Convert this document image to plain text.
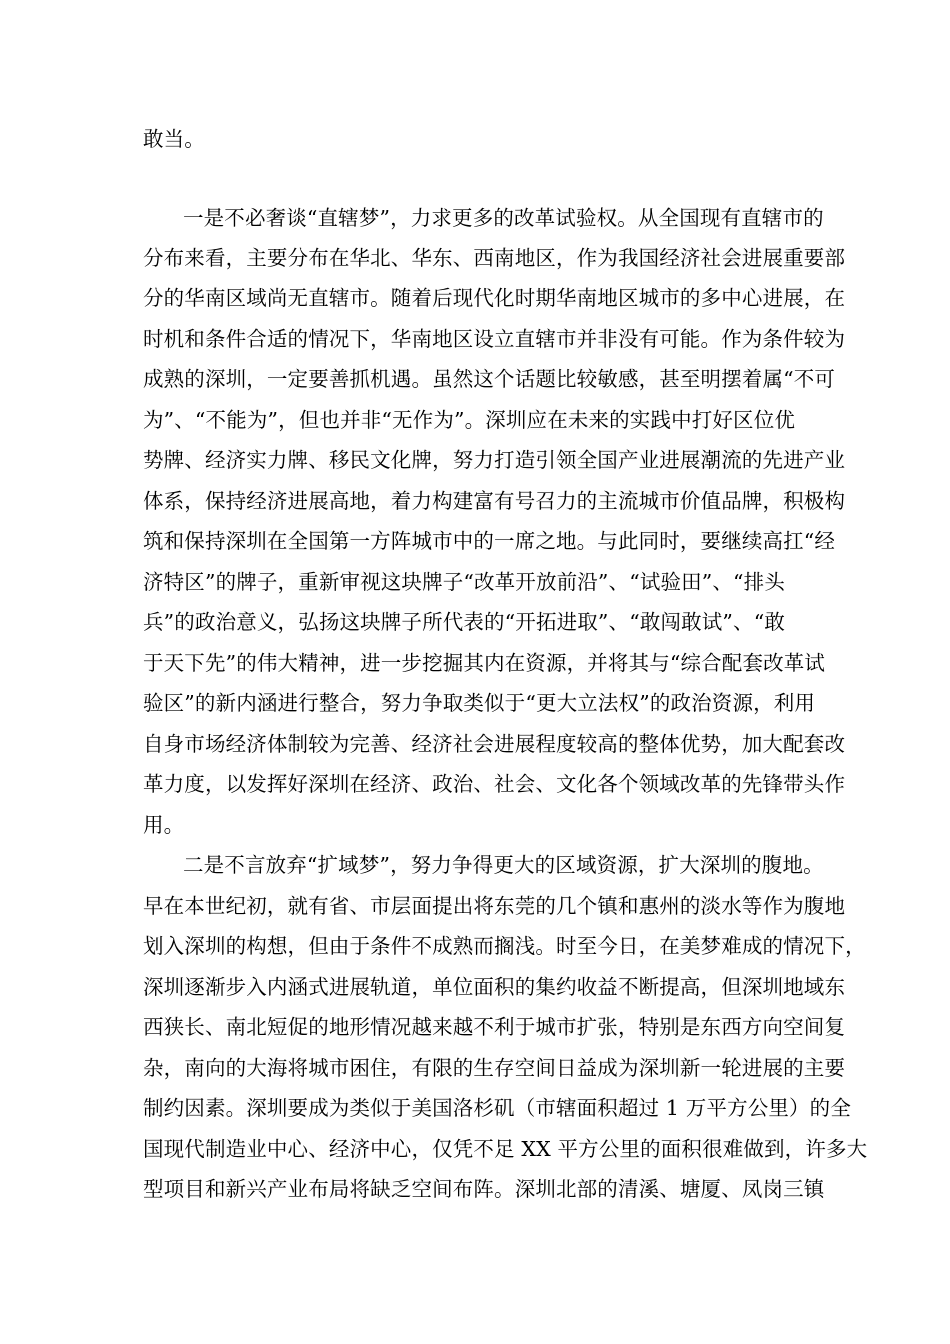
敢当。
一是不必奢谈“直辖梦”，力求更多的改革试验权。从全国现有直辖市的
分布来看，主要分布在华北、华东、西南地区，作为我国经济社会进展重要部
分的华南区域尚无直辖市。随着后现代化时期华南地区城市的多中心进展，在
时机和条件合适的情况下，华南地区设立直辖市并非没有可能。作为条件较为
成熟的深圳，一定要善抓机遇。虽然这个话题比较敏感，甚至明摆着属“不可
为”、“不能为”，但也并非“无作为”。深圳应在未来的实践中打好区位优
势牌、经济实力牌、移民文化牌，努力打造引领全国产业进展潮流的先进产业
体系，保持经济进展高地，着力构建富有号召力的主流城市价值品牌，积极构
筑和保持深圳在全国第一方阵城市中的一席之地。与此同时，要继续高扛“经
济特区”的牌子，重新审视这块牌子“改革开放前沿”、“试验田”、“排头
兵”的政治意义，弘扬这块牌子所代表的“开拓进取”、“敢闯敢试”、“敢
于天下先”的伟大精神，进一步挖掘其内在资源，并将其与“综合配套改革试
验区”的新内涵进行整合，努力争取类似于“更大立法权”的政治资源，利用
自身市场经济体制较为完善、经济社会进展程度较高的整体优势，加大配套改
革力度，以发挥好深圳在经济、政治、社会、文化各个领域改革的先锋带头作
用。
二是不言放弃“扩域梦”，努力争得更大的区域资源，扩大深圳的腹地。
早在本世纪初，就有省、市层面提出将东莞的几个镇和惠州的淡水等作为腹地
划入深圳的构想，但由于条件不成熟而搁浅。时至今日，在美梦难成的情况下，
深圳逐渐步入内涵式进展轨道，单位面积的集约收益不断提高，但深圳地域东
西狭长、南北短促的地形情况越来越不利于城市扩张，特别是东西方向空间复
杂，南向的大海将城市困住，有限的生存空间日益成为深圳新一轮进展的主要
制约因素。深圳要成为类似于美国洛杉矶（市辖面积超过 1 万平方公里）的全
国现代制造业中心、经济中心，仅凭不足 XX 平方公里的面积很难做到，许多大
型项目和新兴产业布局将缺乏空间布阵。深圳北部的清溪、塘厦、凤岗三镇
